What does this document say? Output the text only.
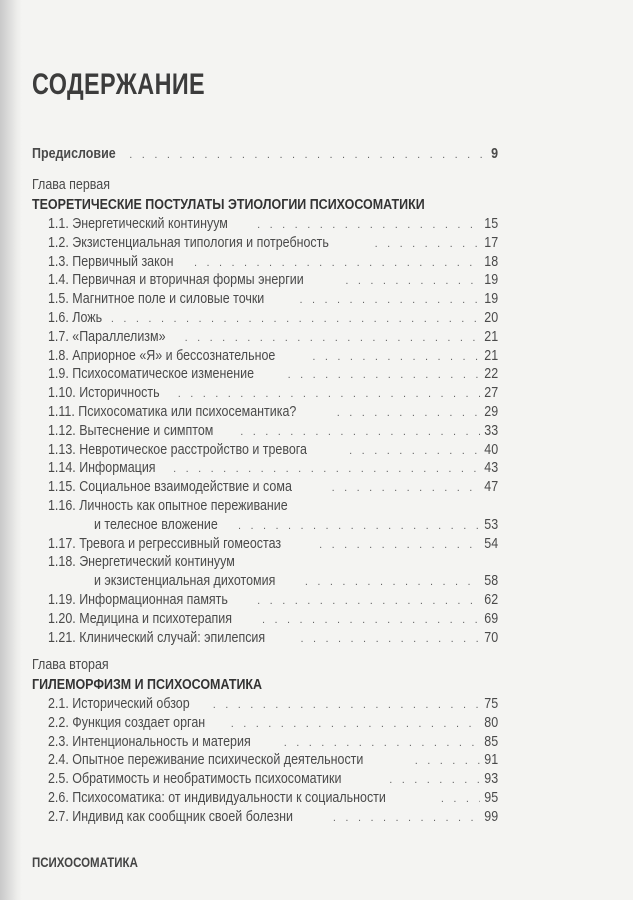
СОДЕРЖАНИЕ
Предисловие . . .	9
Глава первая
ТЕОРЕТИЧЕСКИЕ ПОСТУЛАТЫ ЭТИОЛОГИИ ПСИХОСОМАТИКИ
1.1. Энергетический континуум . . .	15
1.2. Экзистенциальная типология и потребность . . .	17
1.3. Первичный закон . . .	18
1.4. Первичная и вторичная формы энергии . . .	19
1.5. Магнитное поле и силовые точки . . .	19
1.6. Ложь . . .	20
1.7. «Параллелизм» . . .	21
1.8. Априорное «Я» и бессознательное . . .	21
1.9. Психосоматическое изменение . . .	22
1.10. Историчность . . .	27
1.11. Психосоматика или психосемантика? . . .	29
1.12. Вытеснение и симптом . . .	33
1.13. Невротическое расстройство и тревога . . .	40
1.14. Информация . . .	43
1.15. Социальное взаимодействие и сома . . .	47
1.16. Личность как опытное переживание
и телесное вложение . . .	53
1.17. Тревога и регрессивный гомеостаз . . .	54
1.18. Энергетический континуум
и экзистенциальная дихотомия . . .	58
1.19. Информационная память . . .	62
1.20. Медицина и психотерапия . . .	69
1.21. Клинический случай: эпилепсия . . .	70
Глава вторая
ГИЛЕМОРФИЗМ И ПСИХОСОМАТИКА
2.1. Исторический обзор . . .	75
2.2. Функция создает орган . . .	80
2.3. Интенциональность и материя . . .	85
2.4. Опытное переживание психической деятельности . . .	91
2.5. Обратимость и необратимость психосоматики . . .	93
2.6. Психосоматика: от индивидуальности к социальности . . .	95
2.7. Индивид как сообщник своей болезни . . .	99
ПСИХОСОМАТИКА
